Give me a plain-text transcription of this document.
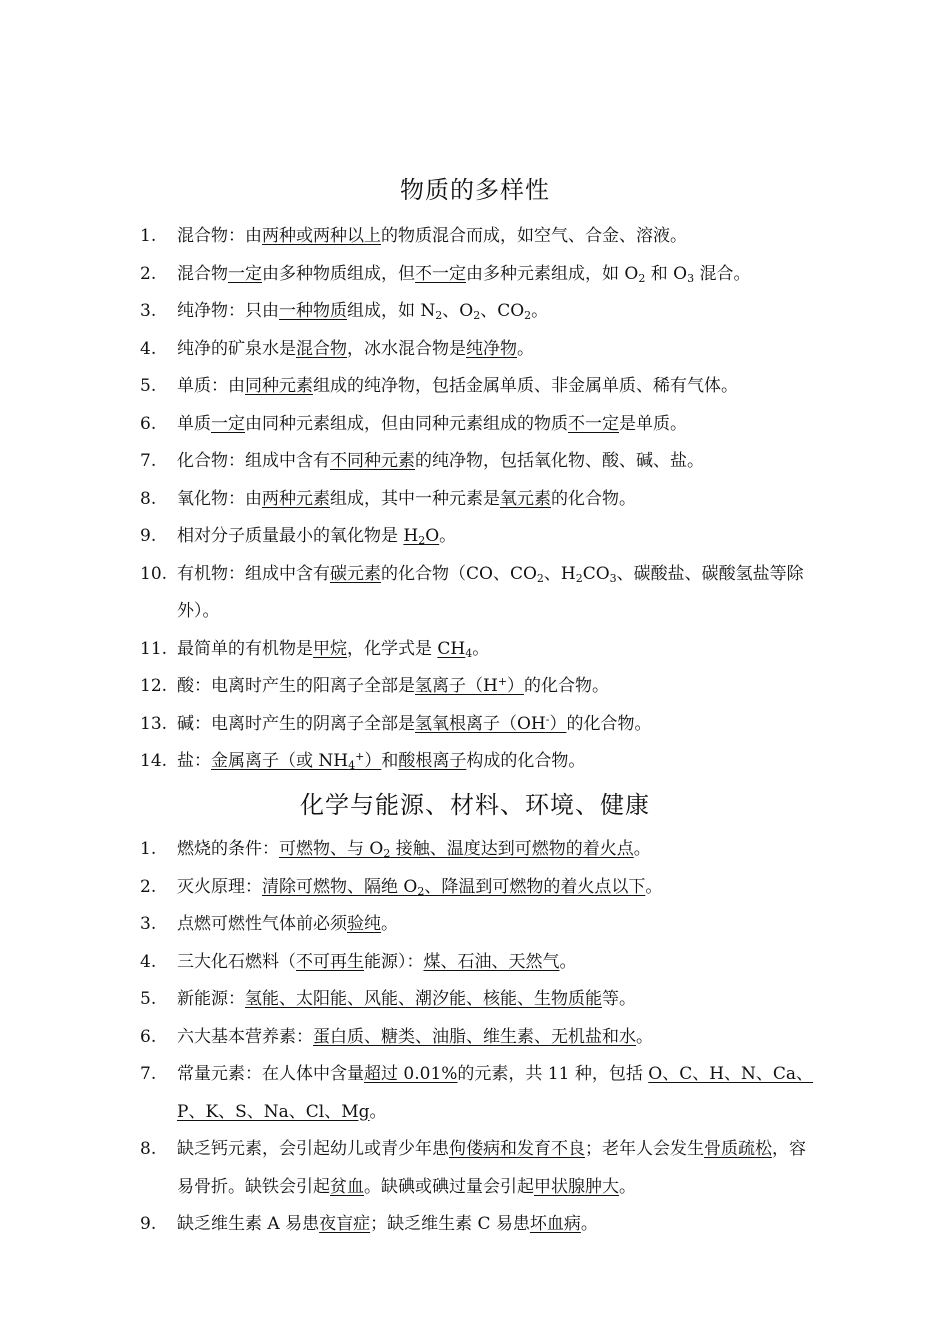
物质的多样性
1. 混合物：由两种或两种以上的物质混合而成，如空气、合金、溶液。
2. 混合物一定由多种物质组成，但不一定由多种元素组成，如 $O_2$ 和 $O_3$ 混合。
3. 纯净物：只由一种物质组成，如 $N_2$、$O_2$、$CO_2$。
4. 纯净的矿泉水是混合物，冰水混合物是纯净物。
5. 单质：由同种元素组成的纯净物，包括金属单质、非金属单质、稀有气体。
6. 单质一定由同种元素组成，但由同种元素组成的物质不一定是单质。
7. 化合物：组成中含有不同种元素的纯净物，包括氧化物、酸、碱、盐。
8. 氧化物：由两种元素组成，其中一种元素是氧元素的化合物。
9. 相对分子质量最小的氧化物是 $H_2O$。
10. 有机物：组成中含有碳元素的化合物（CO、$CO_2$、$H_2CO_3$、碳酸盐、碳酸氢盐等除外）。
11. 最简单的有机物是甲烷，化学式是 $CH_4$。
12. 酸：电离时产生的阳离子全部是氢离子（H+）的化合物。
13. 碱：电离时产生的阴离子全部是氢氧根离子（OH-）的化合物。
14. 盐：金属离子（或 $NH_4^+$）和酸根离子构成的化合物。
化学与能源、材料、环境、健康
1. 燃烧的条件：可燃物、与 $O_2$ 接触、温度达到可燃物的着火点。
2. 灭火原理：清除可燃物、隔绝 $O_2$、降温到可燃物的着火点以下。
3. 点燃可燃性气体前必须验纯。
4. 三大化石燃料（不可再生能源）：煤、石油、天然气。
5. 新能源：氢能、太阳能、风能、潮汐能、核能、生物质能等。
6. 六大基本营养素：蛋白质、糖类、油脂、维生素、无机盐和水。
7. 常量元素：在人体中含量超过 0.01%的元素，共 11 种，包括 O、C、H、N、Ca、P、K、S、Na、Cl、Mg。
8. 缺乏钙元素，会引起幼儿或青少年患佝偻病和发育不良；老年人会发生骨质疏松，容易骨折。缺铁会引起贫血。缺碘或碘过量会引起甲状腺肿大。
9. 缺乏维生素 A 易患夜盲症；缺乏维生素 C 易患坏血病。
